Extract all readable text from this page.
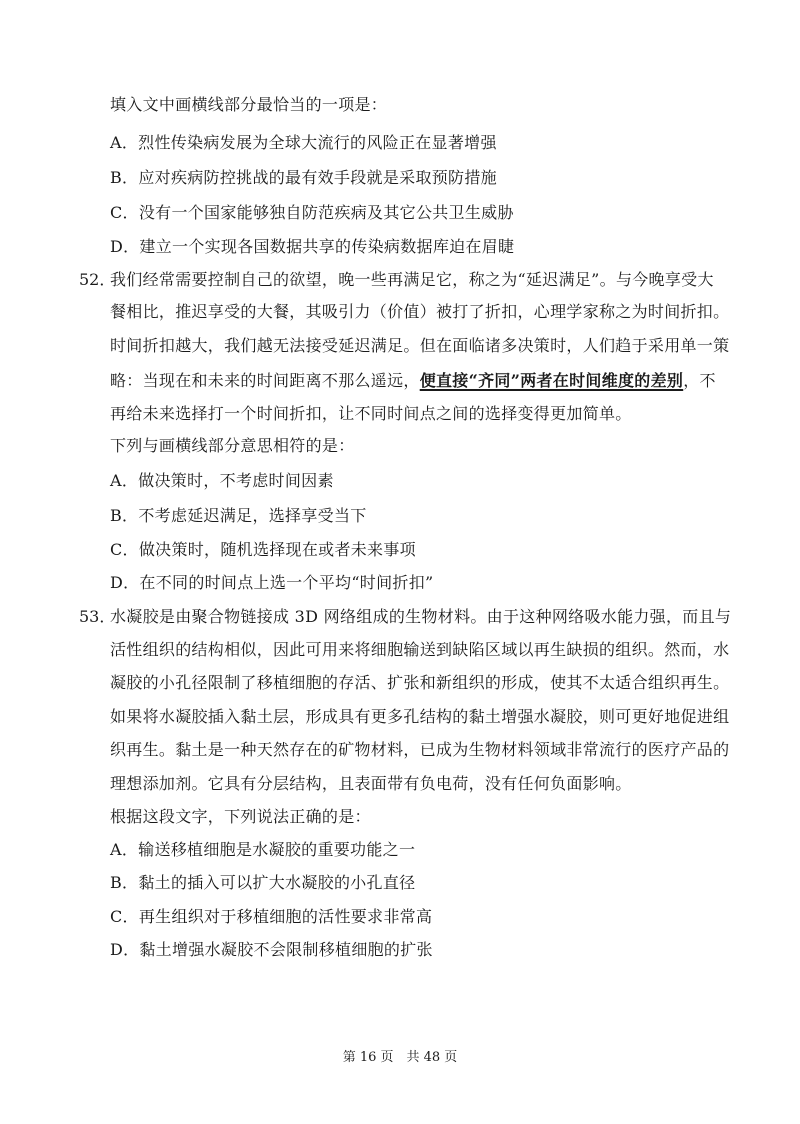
填入文中画横线部分最恰当的一项是：
A．烈性传染病发展为全球大流行的风险正在显著增强
B．应对疾病防控挑战的最有效手段就是采取预防措施
C．没有一个国家能够独自防范疾病及其它公共卫生威胁
D．建立一个实现各国数据共享的传染病数据库迫在眉睫
52．
我们经常需要控制自己的欲望，晚一些再满足它，称之为“延迟满足”。与今晚享受大
餐相比，推迟享受的大餐，其吸引力（价值）被打了折扣，心理学家称之为时间折扣。
时间折扣越大，我们越无法接受延迟满足。但在面临诸多决策时，人们趋于采用单一策
略：当现在和未来的时间距离不那么遥远，便直接“齐同”两者在时间维度的差别，不
再给未来选择打一个时间折扣，让不同时间点之间的选择变得更加简单。
下列与画横线部分意思相符的是：
A．做决策时，不考虑时间因素
B．不考虑延迟满足，选择享受当下
C．做决策时，随机选择现在或者未来事项
D．在不同的时间点上选一个平均“时间折扣”
53．
水凝胶是由聚合物链接成 3D 网络组成的生物材料。由于这种网络吸水能力强，而且与
活性组织的结构相似，因此可用来将细胞输送到缺陷区域以再生缺损的组织。然而，水
凝胶的小孔径限制了移植细胞的存活、扩张和新组织的形成，使其不太适合组织再生。
如果将水凝胶插入黏土层，形成具有更多孔结构的黏土增强水凝胶，则可更好地促进组
织再生。黏土是一种天然存在的矿物材料，已成为生物材料领域非常流行的医疗产品的
理想添加剂。它具有分层结构，且表面带有负电荷，没有任何负面影响。
根据这段文字，下列说法正确的是：
A．输送移植细胞是水凝胶的重要功能之一
B．黏土的插入可以扩大水凝胶的小孔直径
C．再生组织对于移植细胞的活性要求非常高
D．黏土增强水凝胶不会限制移植细胞的扩张
第 16 页　共 48 页
